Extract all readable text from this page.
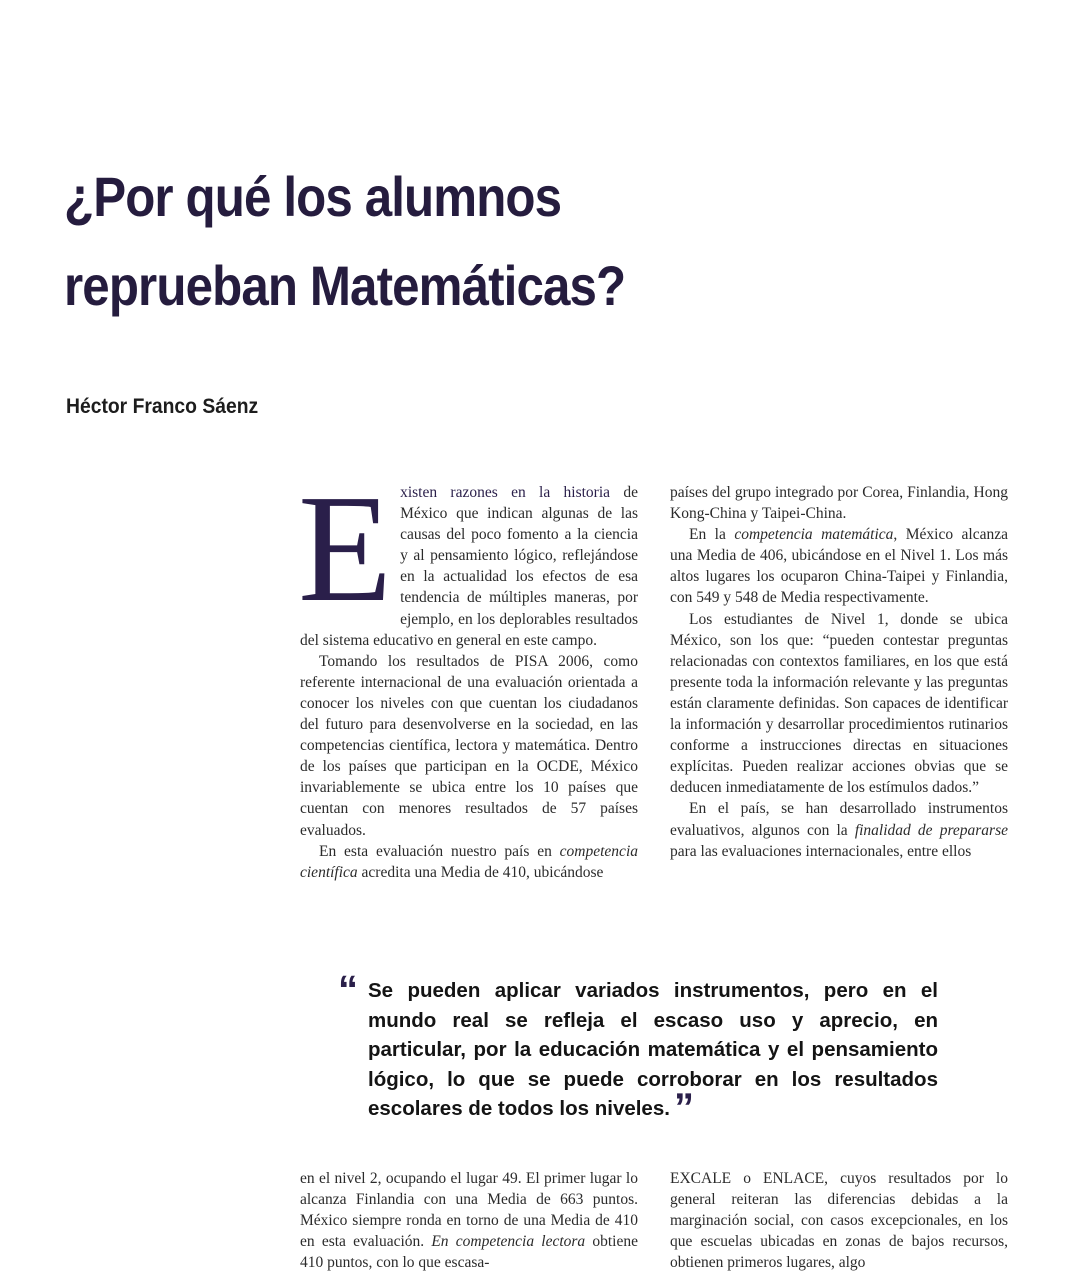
¿Por qué los alumnos
reprueban Matemáticas?
Héctor Franco Sáenz

Existen razones en la historia de México que indican algunas de las causas del poco fomento a la ciencia y al pensamiento lógico, reflejándose en la actualidad los efectos de esa tendencia de múltiples maneras, por ejemplo, en los deplorables resultados del sistema educativo en general en este campo.

Tomando los resultados de PISA 2006, como referente internacional de una evaluación orientada a conocer los niveles con que cuentan los ciudadanos del futuro para desenvolverse en la sociedad, en las competencias científica, lectora y matemática. Dentro de los países que participan en la OCDE, México invariablemente se ubica entre los 10 países que cuentan con menores resultados de 57 países evaluados.

En esta evaluación nuestro país en competencia científica acredita una Media de 410, ubicándose

países del grupo integrado por Corea, Finlandia, Hong Kong-China y Taipei-China.

En la competencia matemática, México alcanza una Media de 406, ubicándose en el Nivel 1. Los más altos lugares los ocuparon China-Taipei y Finlandia, con 549 y 548 de Media respectivamente.

Los estudiantes de Nivel 1, donde se ubica México, son los que: “pueden contestar preguntas relacionadas con contextos familiares, en los que está presente toda la información relevante y las preguntas están claramente definidas. Son capaces de identificar la información y desarrollar procedimientos rutinarios conforme a instrucciones directas en situaciones explícitas. Pueden realizar acciones obvias que se deducen inmediatamente de los estímulos dados.”

En el país, se han desarrollado instrumentos evaluativos, algunos con la finalidad de prepararse para las evaluaciones internacionales, entre ellos

“ Se pueden aplicar variados instrumentos, pero en el mundo real se refleja el escaso uso y aprecio, en particular, por la educación matemática y el pensamiento lógico, lo que se puede corroborar en los resultados escolares de todos los niveles. ”

en el nivel 2, ocupando el lugar 49. El primer lugar lo alcanza Finlandia con una Media de 663 puntos. México siempre ronda en torno de una Media de 410 en esta evaluación. En competencia lectora obtiene 410 puntos, con lo que escasa-

EXCALE o ENLACE, cuyos resultados por lo general reiteran las diferencias debidas a la marginación social, con casos excepcionales, en los que escuelas ubicadas en zonas de bajos recursos, obtienen primeros lugares, algo
